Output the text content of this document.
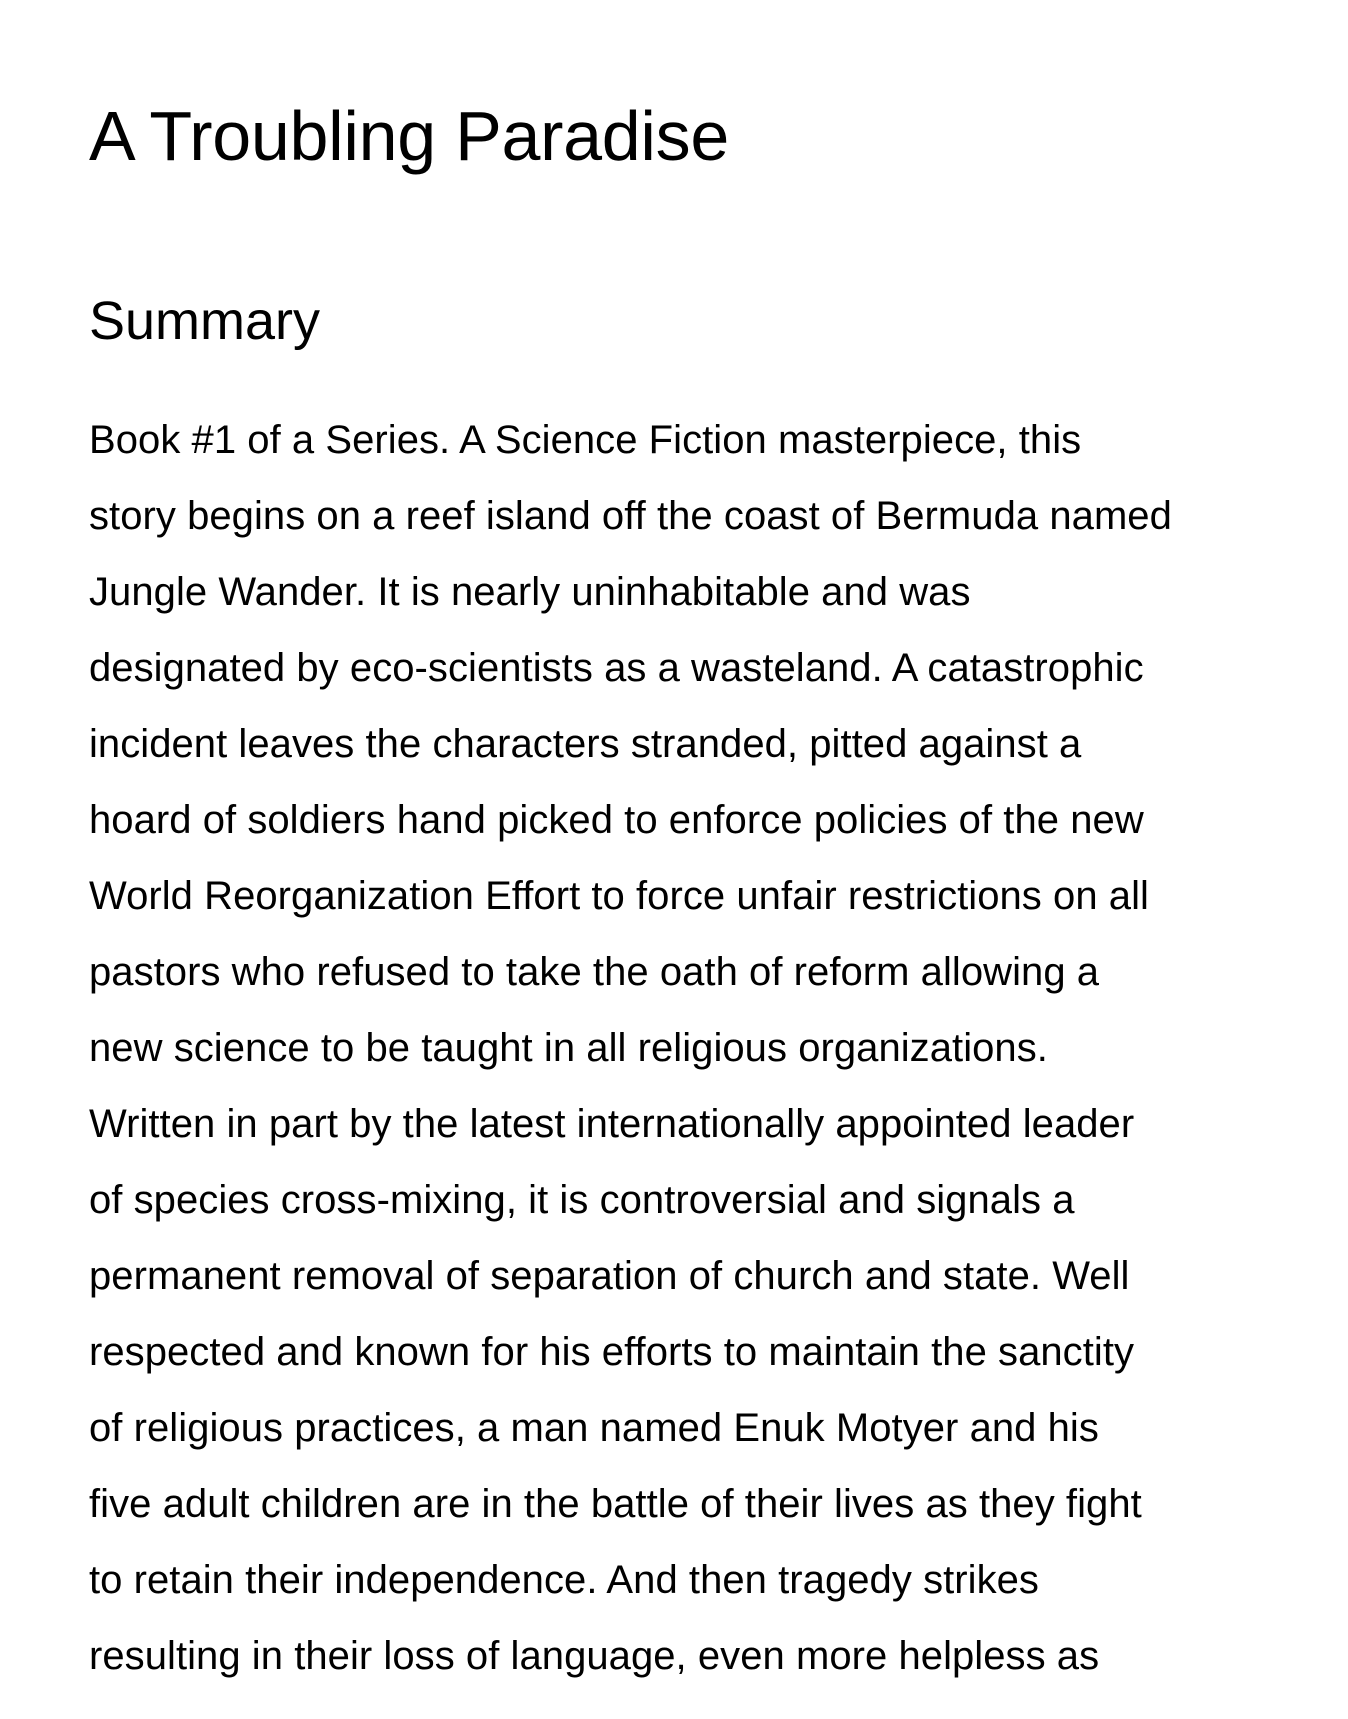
A Troubling Paradise
Summary
Book #1 of a Series. A Science Fiction masterpiece, this
story begins on a reef island off the coast of Bermuda named
Jungle Wander. It is nearly uninhabitable and was
designated by eco-scientists as a wasteland. A catastrophic
incident leaves the characters stranded, pitted against a
hoard of soldiers hand picked to enforce policies of the new
World Reorganization Effort to force unfair restrictions on all
pastors who refused to take the oath of reform allowing a
new science to be taught in all religious organizations.
Written in part by the latest internationally appointed leader
of species cross-mixing, it is controversial and signals a
permanent removal of separation of church and state. Well
respected and known for his efforts to maintain the sanctity
of religious practices, a man named Enuk Motyer and his
five adult children are in the battle of their lives as they fight
to retain their independence. And then tragedy strikes
resulting in their loss of language, even more helpless as
